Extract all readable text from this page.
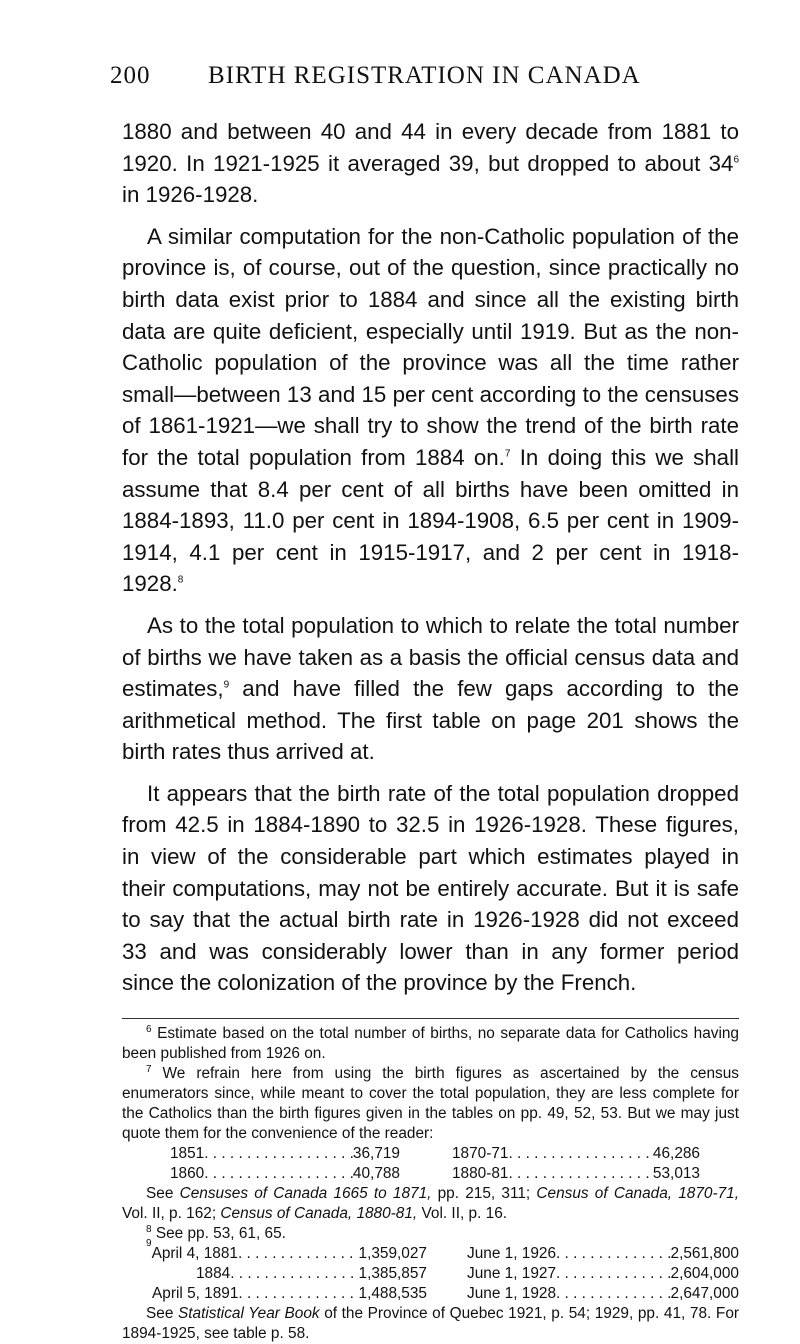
200 BIRTH REGISTRATION IN CANADA

1880 and between 40 and 44 in every decade from 1881 to 1920. In 1921-1925 it averaged 39, but dropped to about $34^6$ in 1926-1928.

A similar computation for the non-Catholic population of the province is, of course, out of the question, since practically no birth data exist prior to 1884 and since all the existing birth data are quite deficient, especially until 1919. But as the non-Catholic population of the province was all the time rather small—between 13 and 15 per cent according to the censuses of 1861-1921—we shall try to show the trend of the birth rate for the total population from 1884 on.$^7$ In doing this we shall assume that 8.4 per cent of all births have been omitted in 1884-1893, 11.0 per cent in 1894-1908, 6.5 per cent in 1909-1914, 4.1 per cent in 1915-1917, and 2 per cent in 1918-1928.$^8$

As to the total population to which to relate the total number of births we have taken as a basis the official census data and estimates,$^9$ and have filled the few gaps according to the arithmetical method. The first table on page 201 shows the birth rates thus arrived at.

It appears that the birth rate of the total population dropped from 42.5 in 1884-1890 to 32.5 in 1926-1928. These figures, in view of the considerable part which estimates played in their computations, may not be entirely accurate. But it is safe to say that the actual birth rate in 1926-1928 did not exceed 33 and was considerably lower than in any former period since the colonization of the province by the French.

$^6$ Estimate based on the total number of births, no separate data for Catholics having been published from 1926 on.

$^7$ We refrain here from using the birth figures as ascertained by the census enumerators since, while meant to cover the total population, they are less complete for the Catholics than the birth figures given in the tables on pp. 49, 52, 53. But we may just quote them for the convenience of the reader:

1851 . . .	36,719	1870-71 . . .	46,286
1860 . . .	40,788	1880-81 . . .	53,013

See Censuses of Canada 1665 to 1871, pp. 215, 311; Census of Canada, 1870-71, Vol. II, p. 162; Census of Canada, 1880-81, Vol. II, p. 16.

$^8$ See pp. 53, 61, 65.

9
April 4, 1881 . . .	1,359,027	June 1, 1926 . . .	2,561,800
1884 . . .	1,385,857	June 1, 1927 . . .	2,604,000
April 5, 1891 . . .	1,488,535	June 1, 1928 . . .	2,647,000

See Statistical Year Book of the Province of Quebec 1921, p. 54; 1929, pp. 41, 78. For 1894-1925, see table p. 58.
